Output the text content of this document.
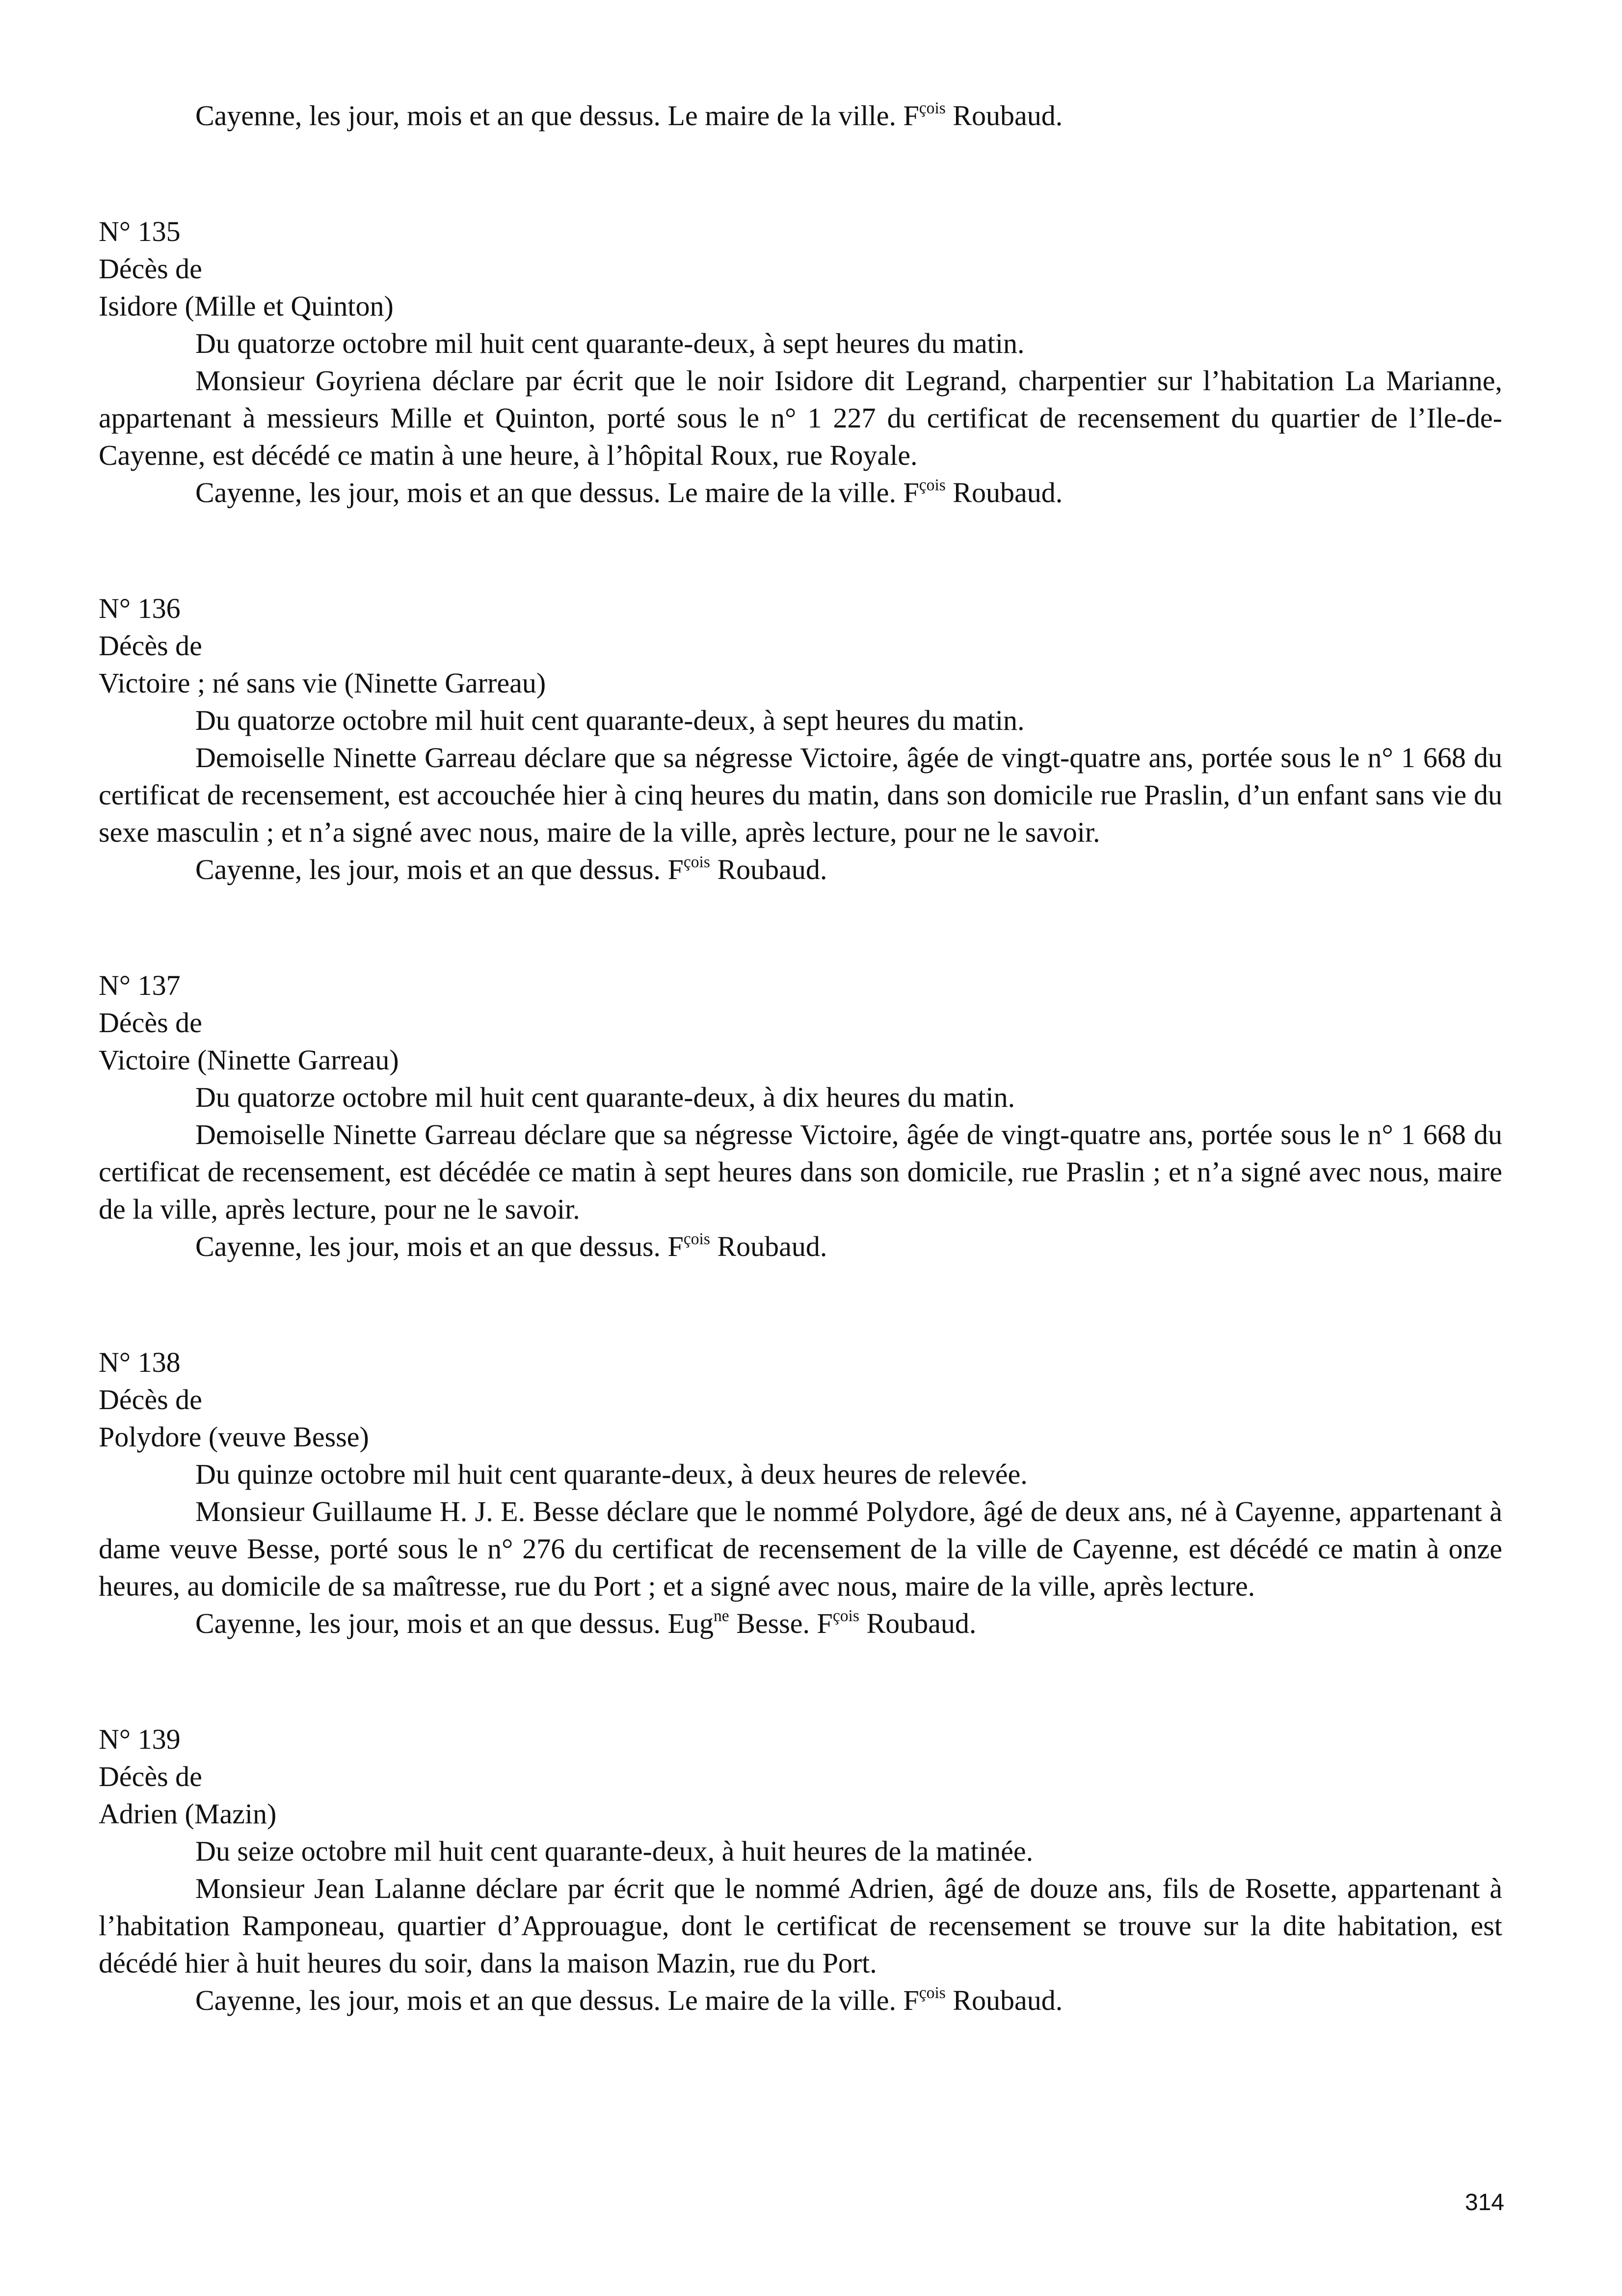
Cayenne, les jour, mois et an que dessus. Le maire de la ville. $F^{çois}$ Roubaud.

N° 135

Décès de

Isidore (Mille et Quinton)

Du quatorze octobre mil huit cent quarante-deux, à sept heures du matin.

Monsieur Goyriena déclare par écrit que le noir Isidore dit Legrand, charpentier sur l’habitation La Marianne, appartenant à messieurs Mille et Quinton, porté sous le n° 1 227 du certificat de recensement du quartier de l’Ile-de-Cayenne, est décédé ce matin à une heure, à l’hôpital Roux, rue Royale.

Cayenne, les jour, mois et an que dessus. Le maire de la ville. $F^{çois}$ Roubaud.

N° 136

Décès de

Victoire ; né sans vie (Ninette Garreau)

Du quatorze octobre mil huit cent quarante-deux, à sept heures du matin.

Demoiselle Ninette Garreau déclare que sa négresse Victoire, âgée de vingt-quatre ans, portée sous le n° 1 668 du certificat de recensement, est accouchée hier à cinq heures du matin, dans son domicile rue Praslin, d’un enfant sans vie du sexe masculin ; et n’a signé avec nous, maire de la ville, après lecture, pour ne le savoir.

Cayenne, les jour, mois et an que dessus. $F^{çois}$ Roubaud.

N° 137

Décès de

Victoire (Ninette Garreau)

Du quatorze octobre mil huit cent quarante-deux, à dix heures du matin.

Demoiselle Ninette Garreau déclare que sa négresse Victoire, âgée de vingt-quatre ans, portée sous le n° 1 668 du certificat de recensement, est décédée ce matin à sept heures dans son domicile, rue Praslin ; et n’a signé avec nous, maire de la ville, après lecture, pour ne le savoir.

Cayenne, les jour, mois et an que dessus. $F^{çois}$ Roubaud.

N° 138

Décès de

Polydore (veuve Besse)

Du quinze octobre mil huit cent quarante-deux, à deux heures de relevée.

Monsieur Guillaume H. J. E. Besse déclare que le nommé Polydore, âgé de deux ans, né à Cayenne, appartenant à dame veuve Besse, porté sous le n° 276 du certificat de recensement de la ville de Cayenne, est décédé ce matin à onze heures, au domicile de sa maîtresse, rue du Port ; et a signé avec nous, maire de la ville, après lecture.

Cayenne, les jour, mois et an que dessus. Eug$^{ne}$ Besse. $F^{çois}$ Roubaud.

N° 139

Décès de

Adrien (Mazin)

Du seize octobre mil huit cent quarante-deux, à huit heures de la matinée.

Monsieur Jean Lalanne déclare par écrit que le nommé Adrien, âgé de douze ans, fils de Rosette, appartenant à l’habitation Ramponeau, quartier d’Approuague, dont le certificat de recensement se trouve sur la dite habitation, est décédé hier à huit heures du soir, dans la maison Mazin, rue du Port.

Cayenne, les jour, mois et an que dessus. Le maire de la ville. $F^{çois}$ Roubaud.

314
